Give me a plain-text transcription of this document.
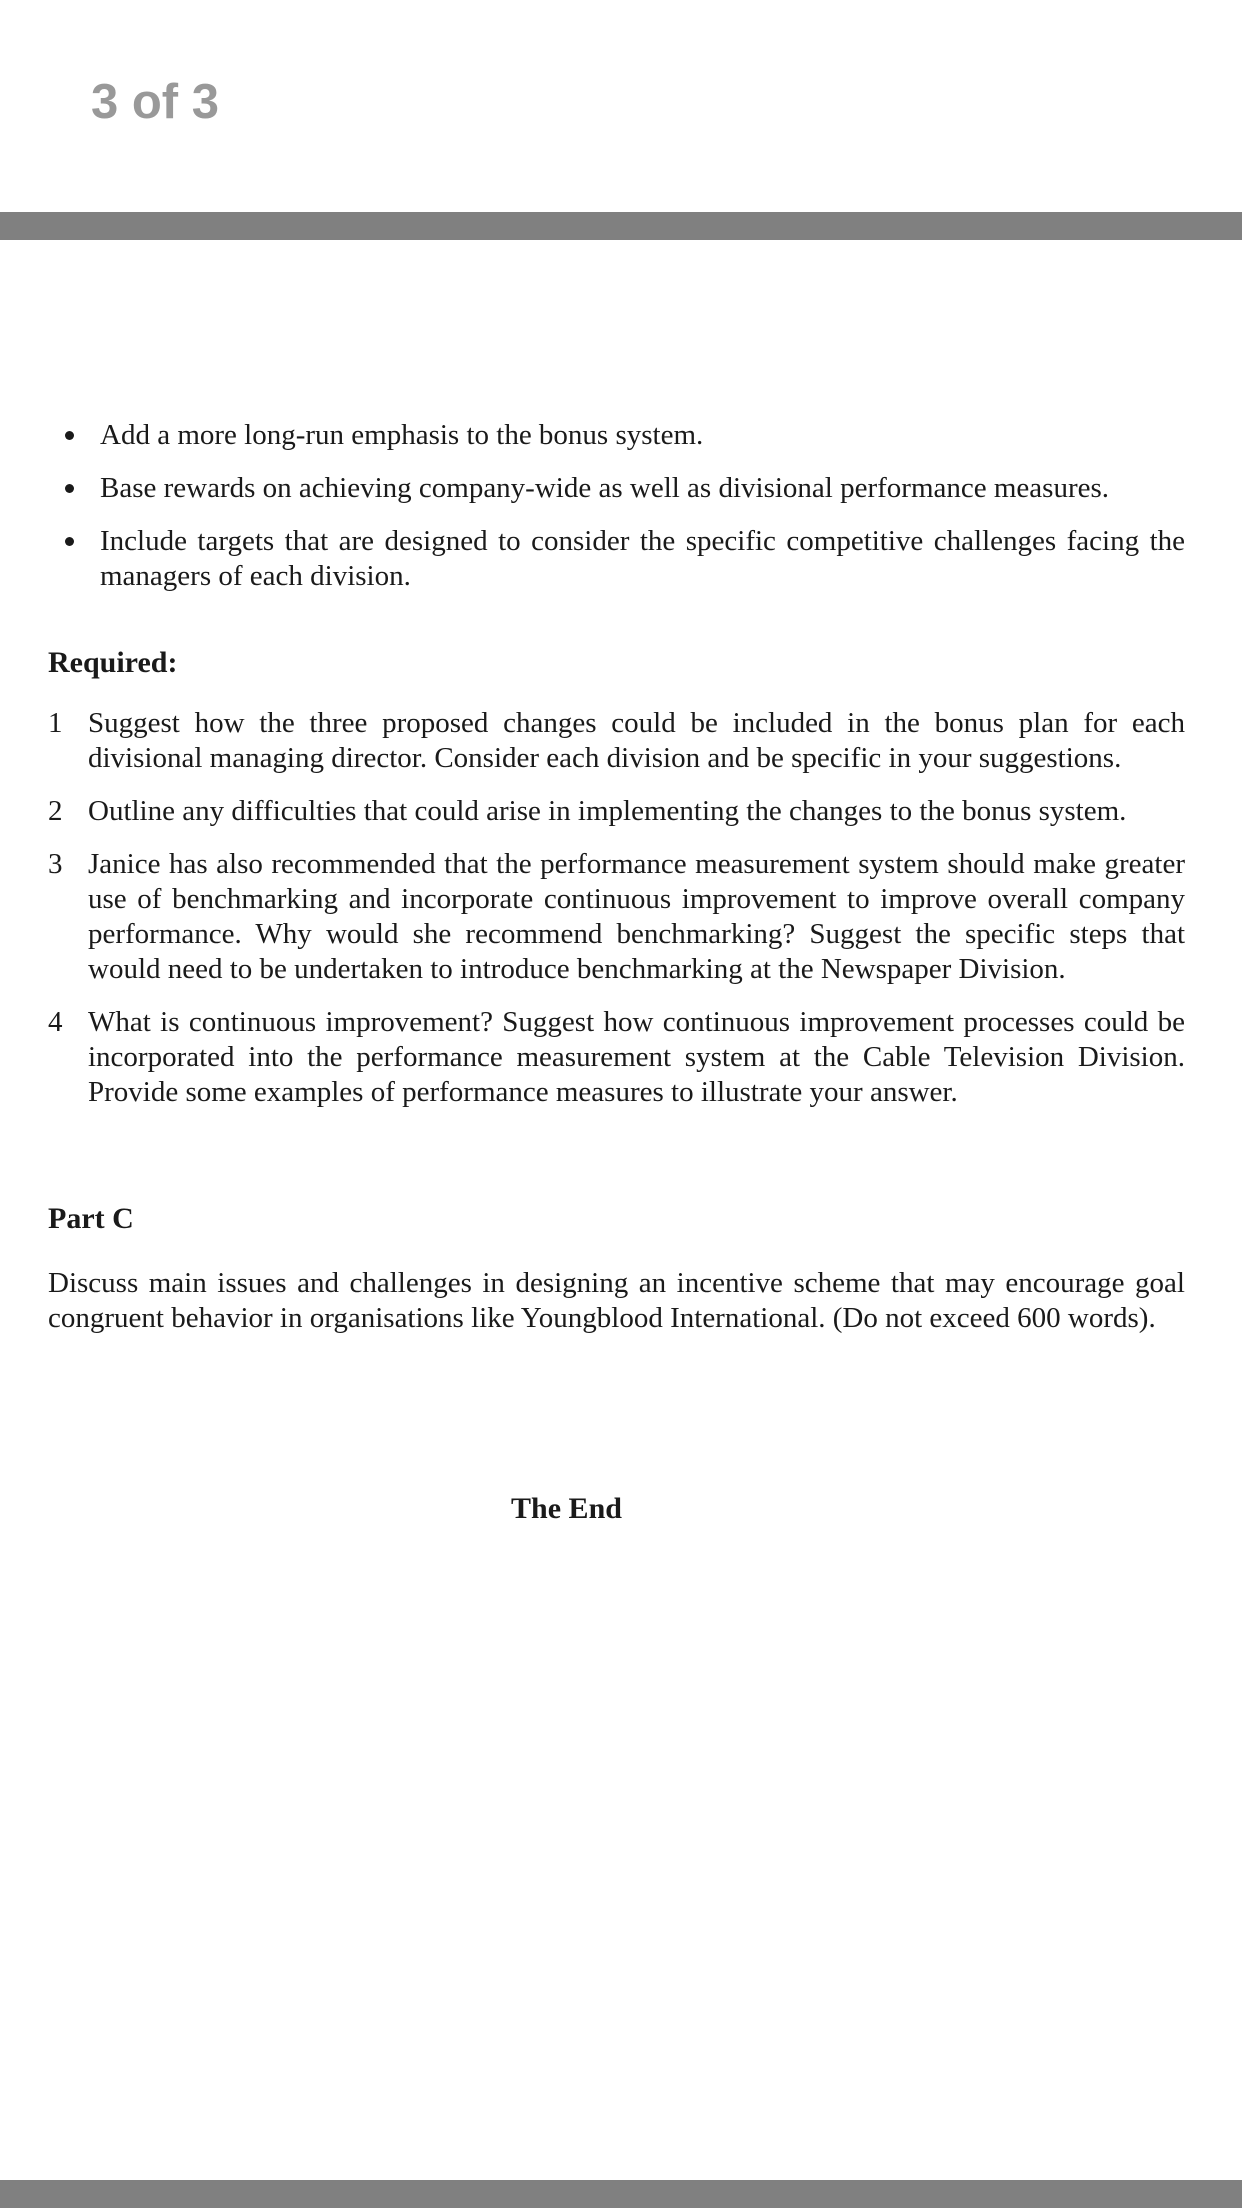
3 of 3
Add a more long-run emphasis to the bonus system.
Base rewards on achieving company-wide as well as divisional performance measures.
Include targets that are designed to consider the specific competitive challenges facing the managers of each division.
Required:
1 Suggest how the three proposed changes could be included in the bonus plan for each divisional managing director. Consider each division and be specific in your suggestions.
2 Outline any difficulties that could arise in implementing the changes to the bonus system.
3 Janice has also recommended that the performance measurement system should make greater use of benchmarking and incorporate continuous improvement to improve overall company performance. Why would she recommend benchmarking? Suggest the specific steps that would need to be undertaken to introduce benchmarking at the Newspaper Division.
4 What is continuous improvement? Suggest how continuous improvement processes could be incorporated into the performance measurement system at the Cable Television Division. Provide some examples of performance measures to illustrate your answer.
Part C
Discuss main issues and challenges in designing an incentive scheme that may encourage goal congruent behavior in organisations like Youngblood International. (Do not exceed 600 words).
The End
